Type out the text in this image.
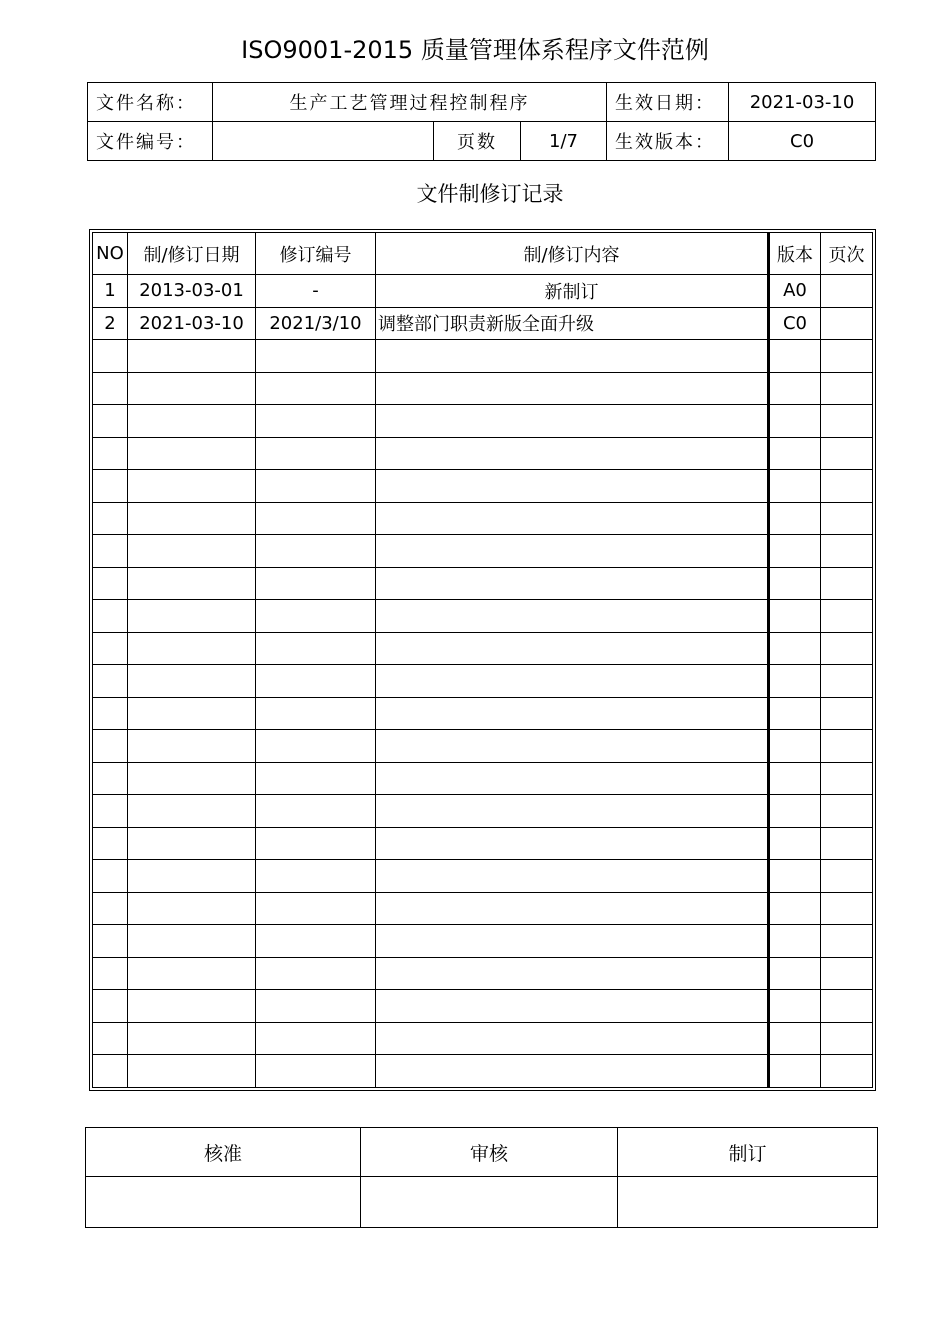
ISO9001-2015 质量管理体系程序文件范例
文件名称：	生产工艺管理过程控制程序			生效日期：	2021-03-10
文件编号：		页数	1/7	生效版本：	C0
文件制修订记录
NO	制/修订日期	修订编号	制/修订内容	版本	页次
1	2013-03-01	-	新制订	A0	
2	2021-03-10	2021/3/10	调整部门职责新版全面升级	C0	

核准	审核	制订
